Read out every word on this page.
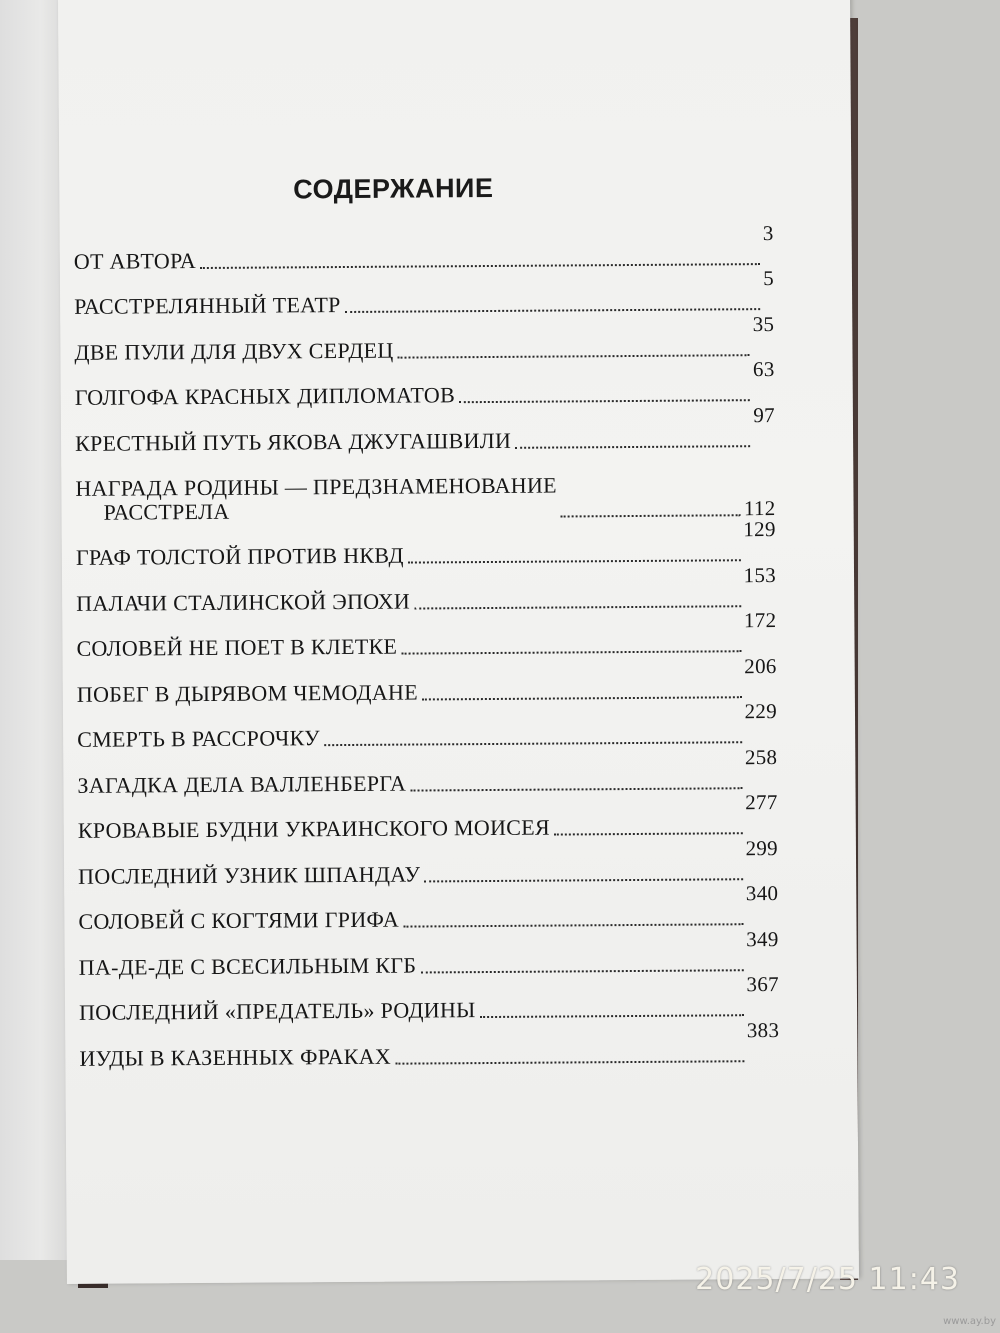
СОДЕРЖАНИЕ
ОТ АВТОРА
3
РАССТРЕЛЯННЫЙ ТЕАТР
5
ДВЕ ПУЛИ ДЛЯ ДВУХ СЕРДЕЦ
35
ГОЛГОФА КРАСНЫХ ДИПЛОМАТОВ
63
КРЕСТНЫЙ ПУТЬ ЯКОВА ДЖУГАШВИЛИ
97
НАГРАДА РОДИНЫ — ПРЕДЗНАМЕНОВАНИЕ
РАССТРЕЛА	112
ГРАФ ТОЛСТОЙ ПРОТИВ НКВД
129
ПАЛАЧИ СТАЛИНСКОЙ ЭПОХИ
153
СОЛОВЕЙ НЕ ПОЕТ В КЛЕТКЕ
172
ПОБЕГ В ДЫРЯВОМ ЧЕМОДАНЕ
206
СМЕРТЬ В РАССРОЧКУ
229
ЗАГАДКА ДЕЛА ВАЛЛЕНБЕРГА
258
КРОВАВЫЕ БУДНИ УКРАИНСКОГО МОИСЕЯ
277
ПОСЛЕДНИЙ УЗНИК ШПАНДАУ
299
СОЛОВЕЙ С КОГТЯМИ ГРИФА
340
ПА-ДЕ-ДЕ С ВСЕСИЛЬНЫМ КГБ
349
ПОСЛЕДНИЙ «ПРЕДАТЕЛЬ» РОДИНЫ
367
ИУДЫ В КАЗЕННЫХ ФРАКАХ
383
2025/7/25 11:43
www.ay.by
